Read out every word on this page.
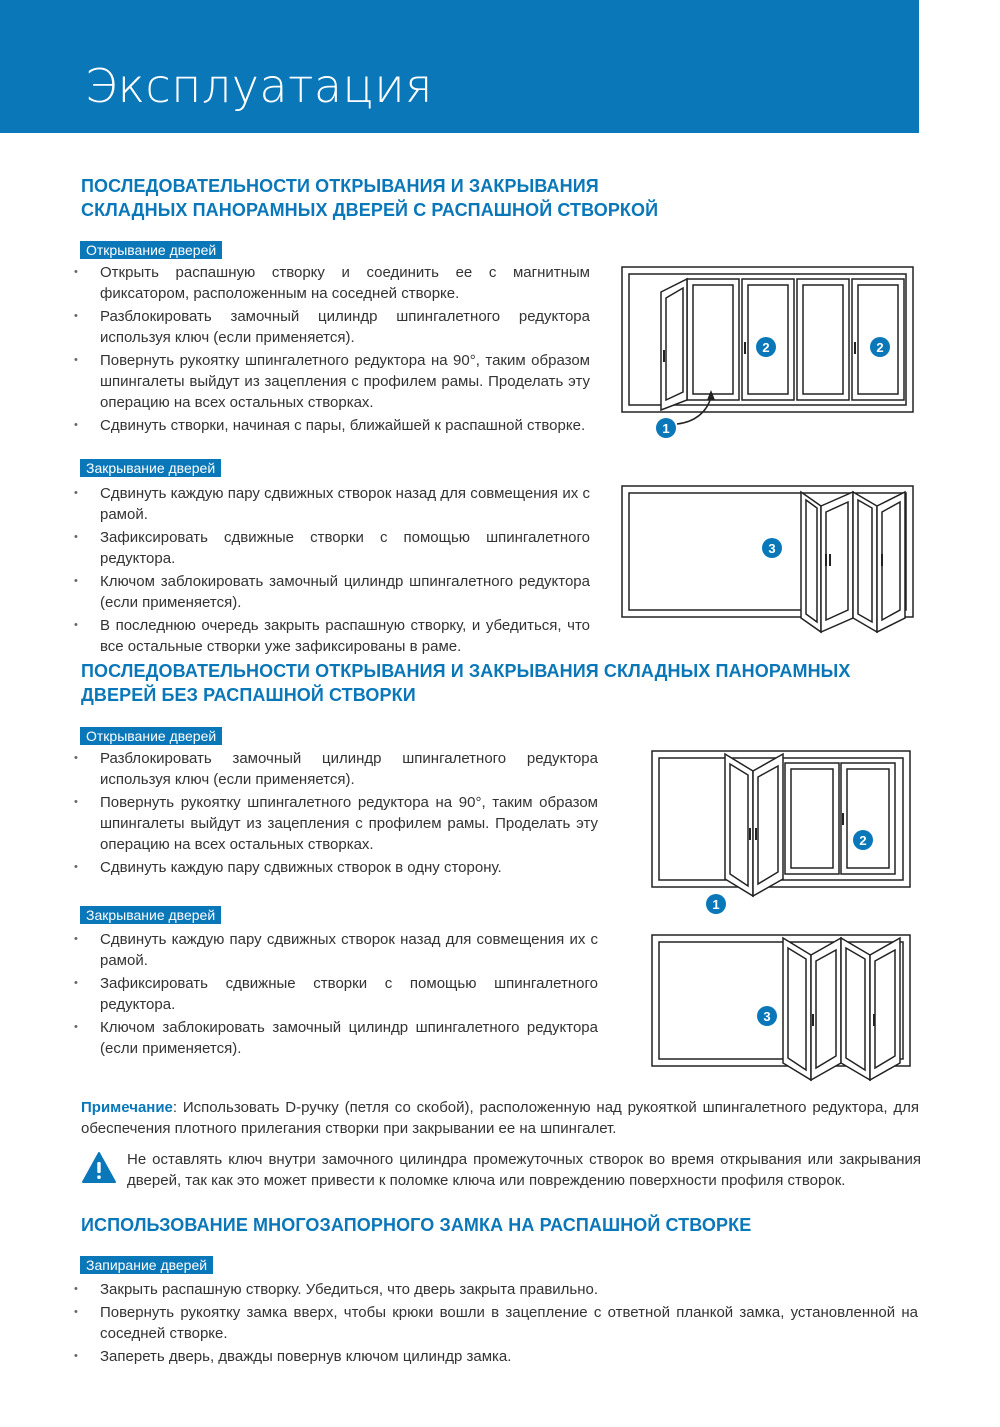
Эксплуатация
ПОСЛЕДОВАТЕЛЬНОСТИ ОТКРЫВАНИЯ И ЗАКРЫВАНИЯ
СКЛАДНЫХ ПАНОРАМНЫХ ДВЕРЕЙ С РАСПАШНОЙ СТВОРКОЙ
Открывание дверей
• Открыть распашную створку и соединить ее с магнитным фиксатором, расположенным на соседней створке.
• Разблокировать замочный цилиндр шпингалетного редуктора используя ключ (если применяется).
• Повернуть рукоятку шпингалетного редуктора на 90°, таким образом шпингалеты выйдут из зацепления с профилем рамы. Проделать эту операцию на всех остальных створках.
• Сдвинуть створки, начиная с пары, ближайшей к распашной створке.
Закрывание дверей
• Сдвинуть каждую пару сдвижных створок назад для совмещения их с рамой.
• Зафиксировать сдвижные створки с помощью шпингалетного редуктора.
• Ключом заблокировать замочный цилиндр шпингалетного редуктора (если применяется).
• В последнюю очередь закрыть распашную створку, и убедиться, что все остальные створки уже зафиксированы в раме.
1
2	2
3
ПОСЛЕДОВАТЕЛЬНОСТИ ОТКРЫВАНИЯ И ЗАКРЫВАНИЯ СКЛАДНЫХ ПАНОРАМНЫХ
ДВЕРЕЙ БЕЗ РАСПАШНОЙ СТВОРКИ
Открывание дверей
• Разблокировать замочный цилиндр шпингалетного редуктора используя ключ (если применяется).
• Повернуть рукоятку шпингалетного редуктора на 90°, таким образом шпингалеты выйдут из зацепления с профилем рамы. Проделать эту операцию на всех остальных створках.
• Сдвинуть каждую пару сдвижных створок в одну сторону.
Закрывание дверей
• Сдвинуть каждую пару сдвижных створок назад для совмещения их с рамой.
• Зафиксировать сдвижные створки с помощью шпингалетного редуктора.
• Ключом заблокировать замочный цилиндр шпингалетного редуктора (если применяется).
1
2
3
Примечание: Использовать D-ручку (петля со скобой), расположенную над рукояткой шпингалетного редуктора, для обеспечения плотного прилегания створки при закрывании ее на шпингалет.
Не оставлять ключ внутри замочного цилиндра промежуточных створок во время открывания или закрывания дверей, так как это может привести к поломке ключа или повреждению поверхности профиля створок.
ИСПОЛЬЗОВАНИЕ МНОГОЗАПОРНОГО ЗАМКА НА РАСПАШНОЙ СТВОРКЕ
Запирание дверей
• Закрыть распашную створку. Убедиться, что дверь закрыта правильно.
• Повернуть рукоятку замка вверх, чтобы крюки вошли в зацепление с ответной планкой замка, установленной на соседней створке.
• Запереть дверь, дважды повернув ключом цилиндр замка.
